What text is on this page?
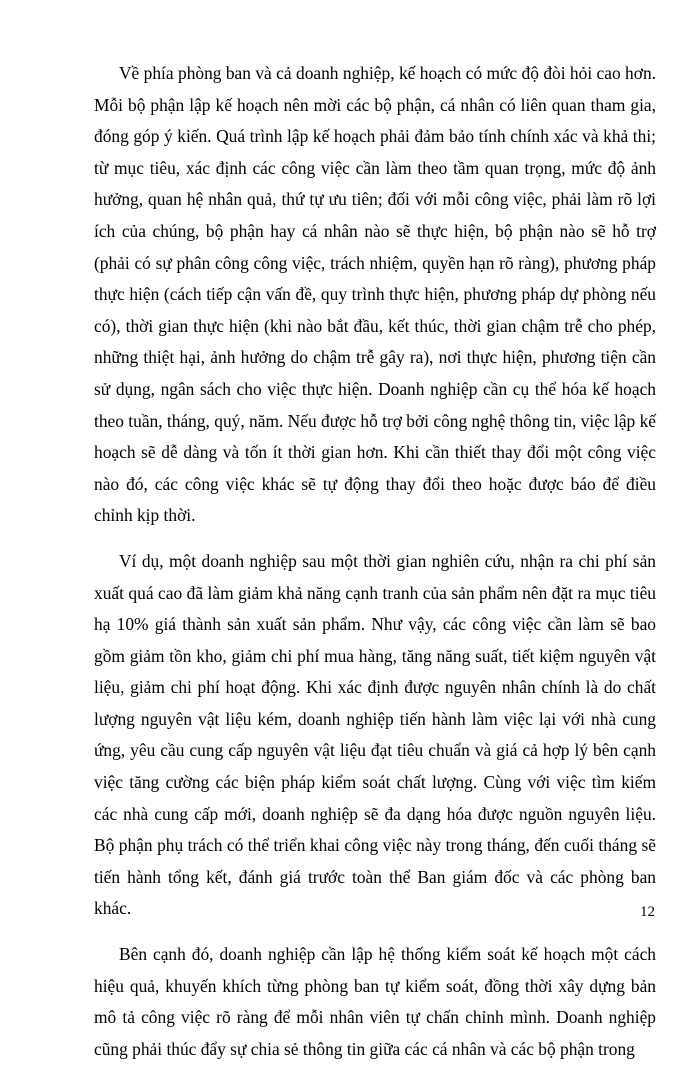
Về phía phòng ban và cả doanh nghiệp, kế hoạch có mức độ đòi hỏi cao hơn. Mỗi bộ phận lập kế hoạch nên mời các bộ phận, cá nhân có liên quan tham gia, đóng góp ý kiến. Quá trình lập kế hoạch phải đảm bảo tính chính xác và khả thi; từ mục tiêu, xác định các công việc cần làm theo tầm quan trọng, mức độ ảnh hưởng, quan hệ nhân quả, thứ tự ưu tiên; đối với mỗi công việc, phải làm rõ lợi ích của chúng, bộ phận hay cá nhân nào sẽ thực hiện, bộ phận nào sẽ hỗ trợ (phải có sự phân công công việc, trách nhiệm, quyền hạn rõ ràng), phương pháp thực hiện (cách tiếp cận vấn đề, quy trình thực hiện, phương pháp dự phòng nếu có), thời gian thực hiện (khi nào bắt đầu, kết thúc, thời gian chậm trễ cho phép, những thiệt hại, ảnh hưởng do chậm trễ gây ra), nơi thực hiện, phương tiện cần sử dụng, ngân sách cho việc thực hiện. Doanh nghiệp cần cụ thể hóa kế hoạch theo tuần, tháng, quý, năm. Nếu được hỗ trợ bởi công nghệ thông tin, việc lập kế hoạch sẽ dễ dàng và tốn ít thời gian hơn. Khi cần thiết thay đổi một công việc nào đó, các công việc khác sẽ tự động thay đổi theo hoặc được báo để điều chỉnh kịp thời.

Ví dụ, một doanh nghiệp sau một thời gian nghiên cứu, nhận ra chi phí sản xuất quá cao đã làm giảm khả năng cạnh tranh của sản phẩm nên đặt ra mục tiêu hạ 10% giá thành sản xuất sản phẩm. Như vậy, các công việc cần làm sẽ bao gồm giảm tồn kho, giảm chi phí mua hàng, tăng năng suất, tiết kiệm nguyên vật liệu, giảm chi phí hoạt động. Khi xác định được nguyên nhân chính là do chất lượng nguyên vật liệu kém, doanh nghiệp tiến hành làm việc lại với nhà cung ứng, yêu cầu cung cấp nguyên vật liệu đạt tiêu chuẩn và giá cả hợp lý bên cạnh việc tăng cường các biện pháp kiểm soát chất lượng. Cùng với việc tìm kiếm các nhà cung cấp mới, doanh nghiệp sẽ đa dạng hóa được nguồn nguyên liệu. Bộ phận phụ trách có thể triển khai công việc này trong tháng, đến cuối tháng sẽ tiến hành tổng kết, đánh giá trước toàn thể Ban giám đốc và các phòng ban khác.

Bên cạnh đó, doanh nghiệp cần lập hệ thống kiểm soát kế hoạch một cách hiệu quả, khuyến khích từng phòng ban tự kiểm soát, đồng thời xây dựng bản mô tả công việc rõ ràng để mỗi nhân viên tự chấn chỉnh mình. Doanh nghiệp cũng phải thúc đẩy sự chia sẻ thông tin giữa các cá nhân và các bộ phận trong

12
